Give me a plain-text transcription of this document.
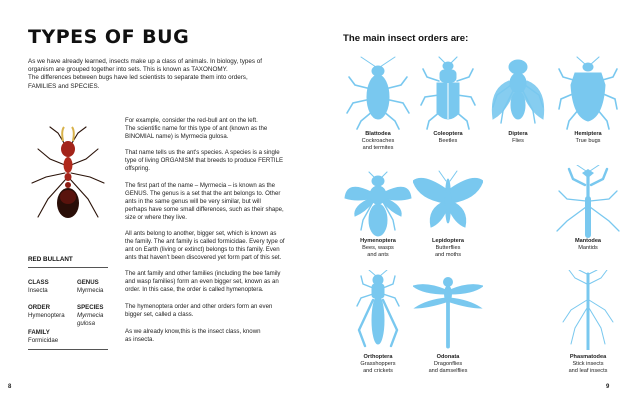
TYPES OF BUG
As we have already learned, insects make up a class of animals. In biology, types of
organism are grouped together into sets. This is known as TAXONOMY.
The differences between bugs have led scientists to separate them into orders,
FAMILIES and SPECIES.
RED BULLANT
CLASS
Insecta
GENUS
Myrmecia
ORDER
Hymenoptera
SPECIES
Myrmecia
gulosa
FAMILY
Formicidae
For example, consider the red-bull ant on the left.
The scientific name for this type of ant (known as the
BINOMIAL name) is Myrmecia gulosa.
That name tells us the ant's species. A species is a single
type of living ORGANISM that breeds to produce FERTILE
offspring.
The first part of the name – Myrmecia – is known as the
GENUS. The genus is a set that the ant belongs to. Other
ants in the same genus will be very similar, but will
perhaps have some small differences, such as their shape,
size or where they live.
All ants belong to another, bigger set, which is known as
the family. The ant family is called formicidae. Every type of
ant on Earth (living or extinct) belongs to this family. Even
ants that haven't been discovered yet form part of this set.
The ant family and other families (including the bee family
and wasp families) form an even bigger set, known as an
order. In this case, the order is called hymenoptera.
The hymenoptera order and other orders form an even
bigger set, called a class.
As we already know,this is the insect class, known
as insecta.
8
The main insect orders are:
Blattodea
Cockroaches
and termites
Coleoptera
Beetles
Diptera
Flies
Hemiptera
True bugs
Hymenoptera
Bees, wasps
and ants
Lepidoptera
Butterflies
and moths
Mantodea
Mantids
Orthoptera
Grasshoppers
and crickets
Odonata
Dragonflies
and damselflies
Phasmatodea
Stick insects
and leaf insects
9
